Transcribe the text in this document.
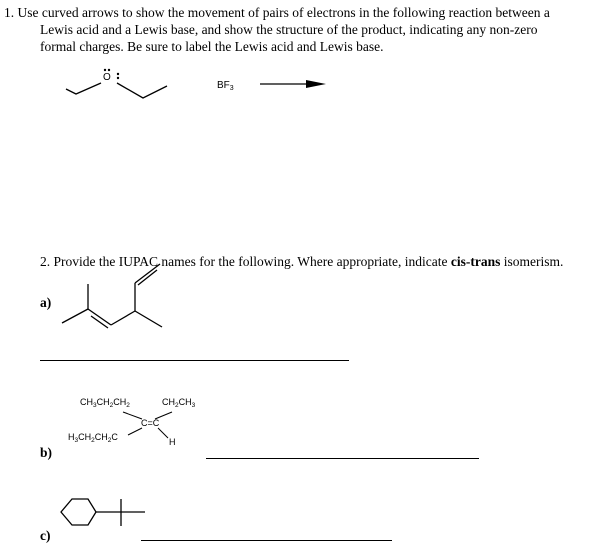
1. Use curved arrows to show the movement of pairs of electrons in the following reaction between a
Lewis acid and a Lewis base, and show the structure of the product, indicating any non-zero
formal charges. Be sure to label the Lewis acid and Lewis base.
O
$BF_3$
2. Provide the IUPAC names for the following. Where appropriate, indicate cis-trans isomerism.
a)
b)
c)
$CH_3CH_2CH_2$	$CH_2CH_3$
C=C
$H_3CH_2CH_2C$	H
